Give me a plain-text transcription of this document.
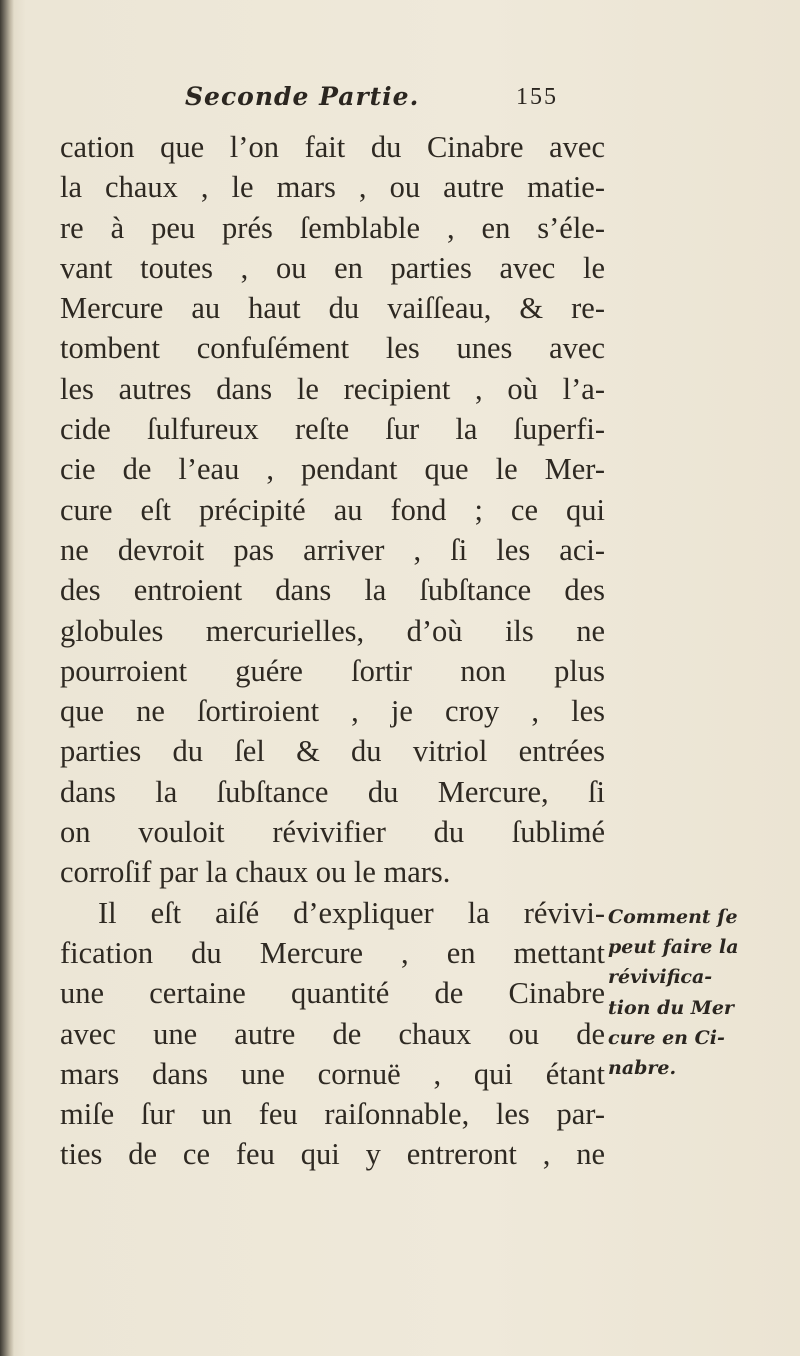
Seconde Partie.	155
cation que l’on fait du Cinabre avec
la chaux , le mars , ou autre matie-
re à peu prés ſemblable , en s’éle-
vant toutes , ou en parties avec le
Mercure au haut du vaiſſeau, & re-
tombent confuſément les unes avec
les autres dans le recipient , où l’a-
cide ſulfureux reſte ſur la ſuperfi-
cie de l’eau , pendant que le Mer-
cure eſt précipité au fond ; ce qui
ne devroit pas arriver , ſi les aci-
des entroient dans la ſubſtance des
globules mercurielles, d’où ils ne
pourroient guére ſortir non plus
que ne ſortiroient , je croy , les
parties du ſel & du vitriol entrées
dans la ſubſtance du Mercure, ſi
on vouloit révivifier du ſublimé
corroſif par la chaux ou le mars.
Il eſt aiſé d’expliquer la révivi-
fication du Mercure , en mettant
une certaine quantité de Cinabre
avec une autre de chaux ou de
mars dans une cornuë , qui étant
miſe ſur un feu raiſonnable, les par-
ties de ce feu qui y entreront , ne
Comment ſe
peut faire la
révivifica-
tion du Mer
cure en Ci-
nabre.
